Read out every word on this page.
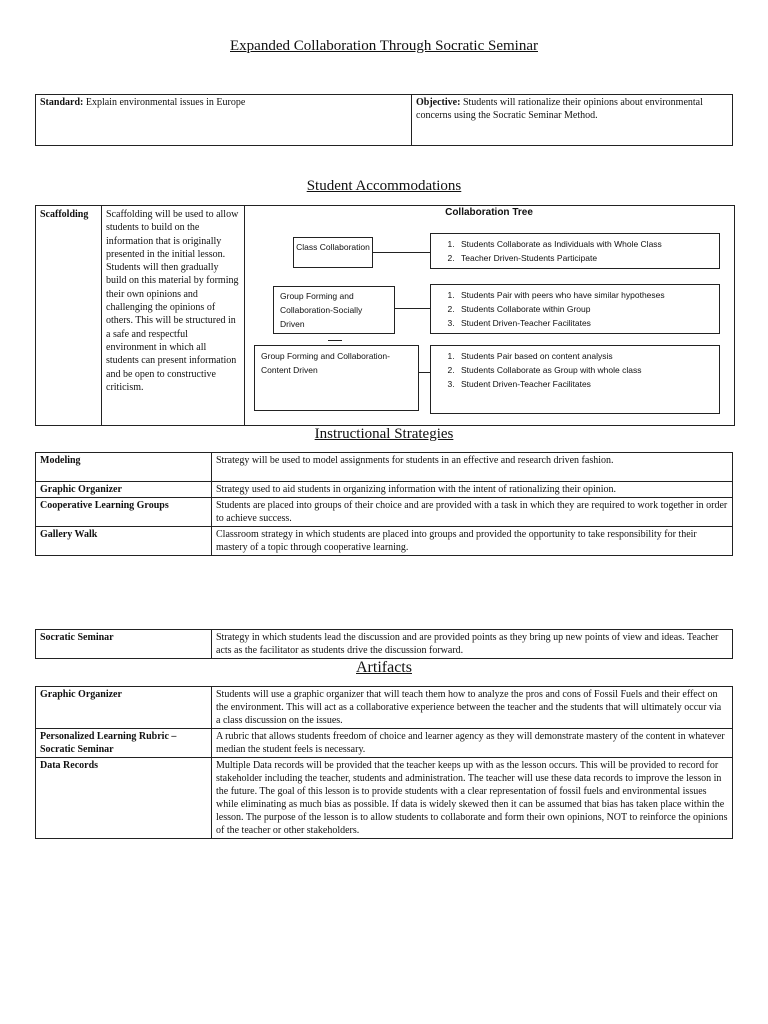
Expanded Collaboration Through Socratic Seminar
Standard: Explain environmental issues in Europe	Objective: Students will rationalize their opinions about environmental concerns using the Socratic Seminar Method.
Student Accommodations
Scaffolding	Scaffolding will be used to allow students to build on the information that is originally presented in the initial lesson. Students will then gradually build on this material by forming their own opinions and challenging the opinions of others. This will be structured in a safe and respectful environment in which all students can present information and be open to constructive criticism.
Collaboration Tree
Class Collaboration	1. Students Collaborate as Individuals with Whole Class
2. Teacher Driven-Students Participate
Group Forming and Collaboration-Socially Driven
1. Students Pair with peers who have similar hypotheses
2. Students Collaborate within Group
3. Student Driven-Teacher Facilitates
Group Forming and Collaboration-Content Driven
1. Students Pair based on content analysis
2. Students Collaborate as Group with whole class
3. Student Driven-Teacher Facilitates
Instructional Strategies
Modeling	Strategy will be used to model assignments for students in an effective and research driven fashion.
Graphic Organizer	Strategy used to aid students in organizing information with the intent of rationalizing their opinion.
Cooperative Learning Groups	Students are placed into groups of their choice and are provided with a task in which they are required to work together in order to achieve success.
Gallery Walk	Classroom strategy in which students are placed into groups and provided the opportunity to take responsibility for their mastery of a topic through cooperative learning.
Socratic Seminar	Strategy in which students lead the discussion and are provided points as they bring up new points of view and ideas. Teacher acts as the facilitator as students drive the discussion forward.
Artifacts
Graphic Organizer	Students will use a graphic organizer that will teach them how to analyze the pros and cons of Fossil Fuels and their effect on the environment. This will act as a collaborative experience between the teacher and the students that will ultimately occur via a class discussion on the issues.
Personalized Learning Rubric – Socratic Seminar	A rubric that allows students freedom of choice and learner agency as they will demonstrate mastery of the content in whatever median the student feels is necessary.
Data Records	Multiple Data records will be provided that the teacher keeps up with as the lesson occurs. This will be provided to record for stakeholder including the teacher, students and administration. The teacher will use these data records to improve the lesson in the future. The goal of this lesson is to provide students with a clear representation of fossil fuels and environmental issues while eliminating as much bias as possible. If data is widely skewed then it can be assumed that bias has taken place within the lesson. The purpose of the lesson is to allow students to collaborate and form their own opinions, NOT to reinforce the opinions of the teacher or other stakeholders.
